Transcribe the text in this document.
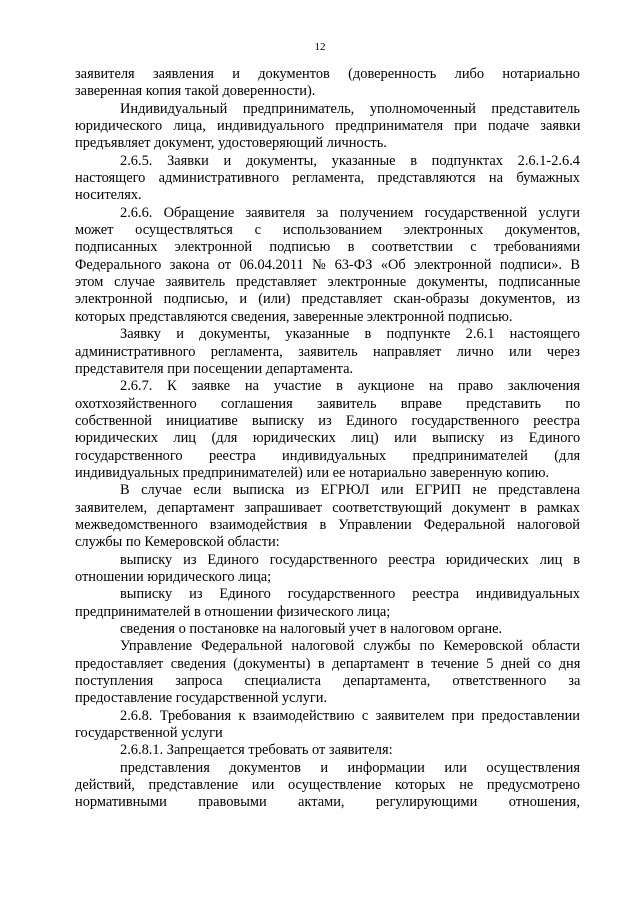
12

заявителя заявления и документов (доверенность либо нотариально
заверенная копия такой доверенности).

Индивидуальный предприниматель, уполномоченный представитель
юридического лица, индивидуального предпринимателя при подаче заявки
предъявляет документ, удостоверяющий личность.

2.6.5. Заявки и документы, указанные в подпунктах 2.6.1-2.6.4
настоящего административного регламента, представляются на бумажных
носителях.

2.6.6. Обращение заявителя за получением государственной услуги
может осуществляться с использованием электронных документов,
подписанных электронной подписью в соответствии с требованиями
Федерального закона от 06.04.2011 № 63-ФЗ «Об электронной подписи». В
этом случае заявитель представляет электронные документы, подписанные
электронной подписью, и (или) представляет скан-образы документов, из
которых представляются сведения, заверенные электронной подписью.

Заявку и документы, указанные в подпункте 2.6.1 настоящего
административного регламента, заявитель направляет лично или через
представителя при посещении департамента.

2.6.7. К заявке на участие в аукционе на право заключения
охотхозяйственного соглашения заявитель вправе представить по
собственной инициативе выписку из Единого государственного реестра
юридических лиц (для юридических лиц) или выписку из Единого
государственного реестра индивидуальных предпринимателей (для
индивидуальных предпринимателей) или ее нотариально заверенную копию.

В случае если выписка из ЕГРЮЛ или ЕГРИП не представлена
заявителем, департамент запрашивает соответствующий документ в рамках
межведомственного взаимодействия в Управлении Федеральной налоговой
службы по Кемеровской области:

выписку из Единого государственного реестра юридических лиц в
отношении юридического лица;

выписку из Единого государственного реестра индивидуальных
предпринимателей в отношении физического лица;

сведения о постановке на налоговый учет в налоговом органе.

Управление Федеральной налоговой службы по Кемеровской области
предоставляет сведения (документы) в департамент в течение 5 дней со дня
поступления запроса специалиста департамента, ответственного за
предоставление государственной услуги.

2.6.8. Требования к взаимодействию с заявителем при предоставлении
государственной услуги

2.6.8.1. Запрещается требовать от заявителя:

представления документов и информации или осуществления
действий, представление или осуществление которых не предусмотрено
нормативными правовыми актами, регулирующими отношения,
